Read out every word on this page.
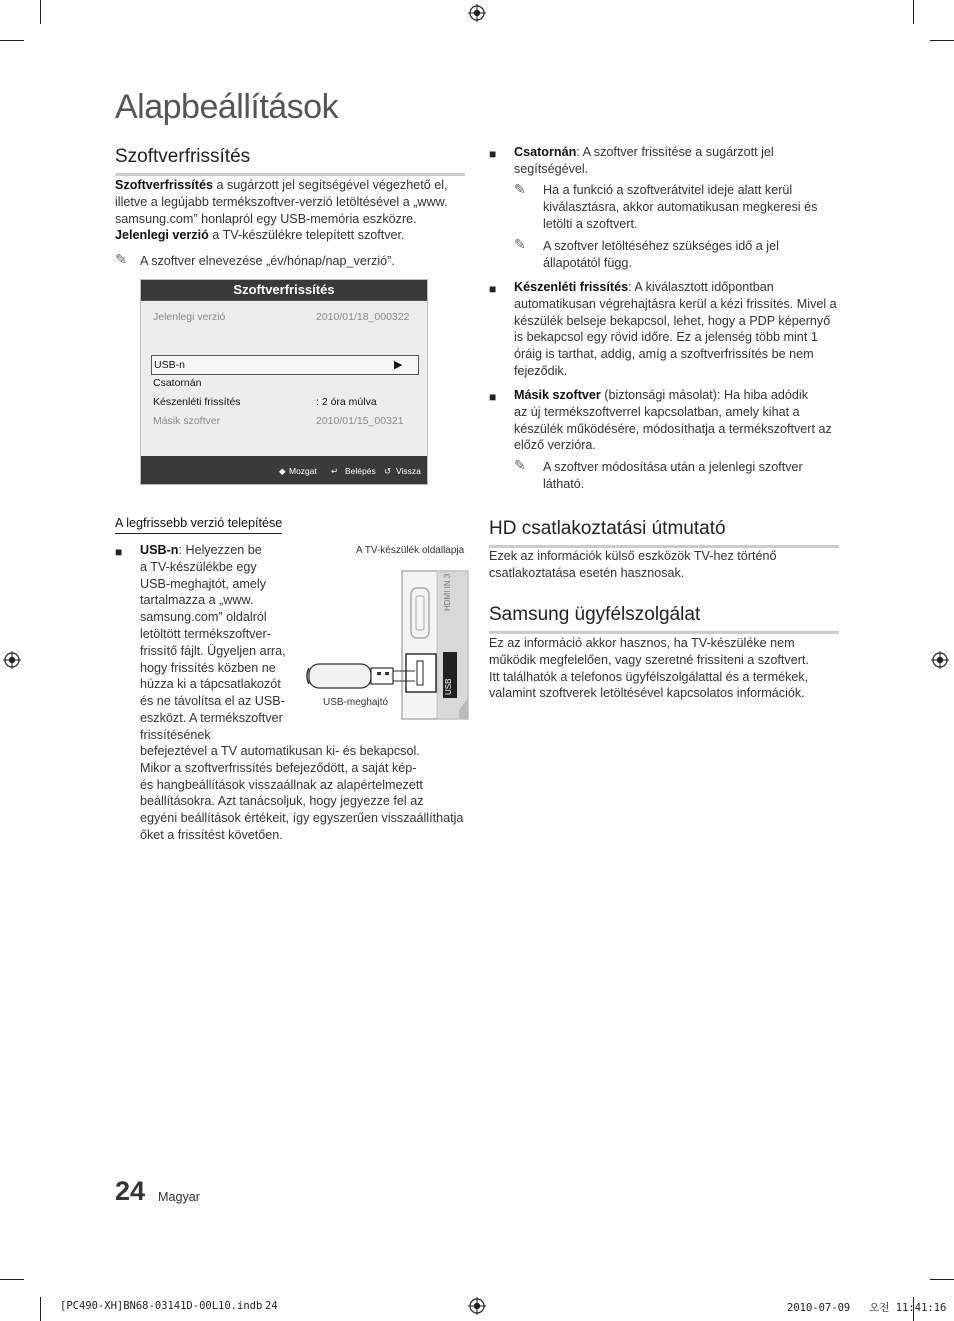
Alapbeállítások
Szoftverfrissítés
Szoftverfrissítés a sugárzott jel segítségével végezhető el,
illetve a legújabb termékszoftver-verzió letöltésével a „www.
samsung.com” honlapról egy USB-memória eszközre.
Jelenlegi verzió a TV-készülékre telepített szoftver.
✎ A szoftver elnevezése „év/hónap/nap_verzió”.
Szoftverfrissítés
Jelenlegi verzió	2010/01/18_000322
USB-n	▶
Csatornán
Készenléti frissítés	: 2 óra múlva
Másik szoftver	2010/01/15_00321
◆ Mozgat ↵ Belépés ↺ Vissza
A legfrissebb verzió telepítése
■ USB-n: Helyezzen be
a TV-készülékbe egy
USB-meghajtót, amely
tartalmazza a „www.
samsung.com” oldalról
letöltött termékszoftver-
frissítő fájlt. Ügyeljen arra,
hogy frissítés közben ne
húzza ki a tápcsatlakozót
és ne távolítsa el az USB-
eszközt. A termékszoftver
frissítésének
befejeztével a TV automatikusan ki- és bekapcsol.
Mikor a szoftverfrissítés befejeződött, a saját kép-
és hangbeállítások visszaállnak az alapértelmezett
beállításokra. Azt tanácsoljuk, hogy jegyezze fel az
egyéni beállítások értékeit, így egyszerűen visszaállíthatja
őket a frissítést követően.
A TV-készülék oldallapja
HDMI IN 3
USB
USB-meghajtó
■ Csatornán: A szoftver frissítése a sugárzott jel
segítségével.
✎ Ha a funkció a szoftverátvitel ideje alatt kerül
kiválasztásra, akkor automatikusan megkeresi és
letölti a szoftvert.
✎ A szoftver letöltéséhez szükséges idő a jel
állapotától függ.
■ Készenléti frissítés: A kiválasztott időpontban
automatikusan végrehajtásra kerül a kézi frissítés. Mivel a
készülék belseje bekapcsol, lehet, hogy a PDP képernyő
is bekapcsol egy rövid időre. Ez a jelenség több mint 1
óráig is tarthat, addig, amíg a szoftverfrissítés be nem
fejeződik.
■ Másik szoftver (biztonsági másolat): Ha hiba adódik
az új termékszoftverrel kapcsolatban, amely kihat a
készülék működésére, módosíthatja a termékszoftvert az
előző verzióra.
✎ A szoftver módosítása után a jelenlegi szoftver
látható.
HD csatlakoztatási útmutató
Ezek az információk külső eszközök TV-hez történő
csatlakoztatása esetén hasznosak.
Samsung ügyfélszolgálat
Ez az információ akkor hasznos, ha TV-készüléke nem
működik megfelelően, vagy szeretné frissíteni a szoftvert.
Itt találhatók a telefonos ügyfélszolgálattal és a termékek,
valamint szoftverek letöltésével kapcsolatos információk.
24 Magyar
[PC490-XH]BN68-03141D-00L10.indb 24	2010-07-09   오전 11:41:16
